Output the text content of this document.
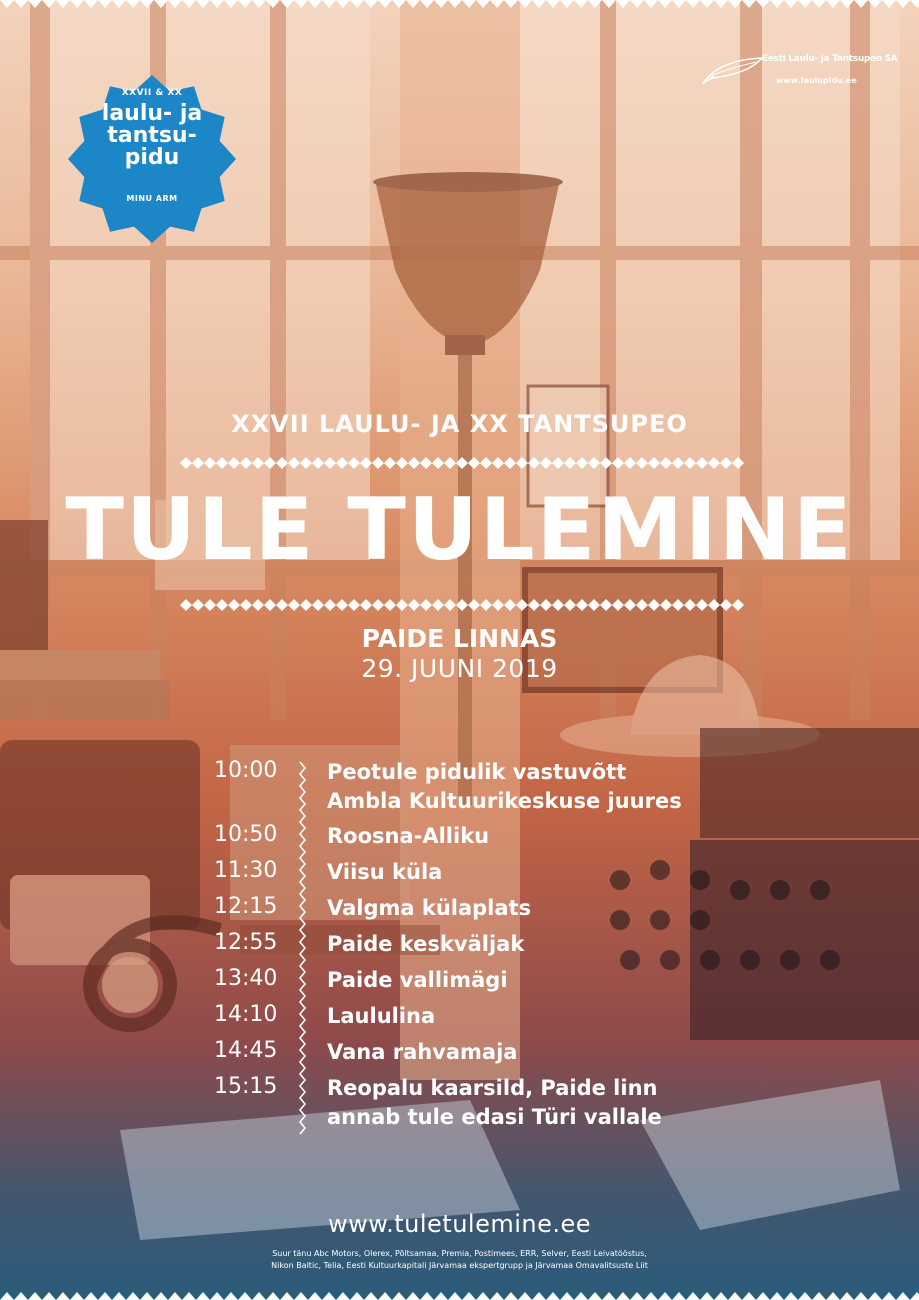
XXVII & XX
laulu- ja
tantsu-
pidu
MINU ARM
Eesti Laulu- ja Tantsupeo SA
www.laulupidu.ee
XXVII LAULU- JA XX TANTSUPEO
TULE TULEMINE
PAIDE LINNAS
29. JUUNI 2019
10:00 Peotule pidulik vastuvõtt
Ambla Kultuurikeskuse juures
10:50 Roosna-Alliku
11:30 Viisu küla
12:15 Valgma külaplats
12:55 Paide keskväljak
13:40 Paide vallimägi
14:10 Laululina
14:45 Vana rahvamaja
15:15 Reopalu kaarsild, Paide linn
annab tule edasi Türi vallale
www.tuletulemine.ee
Suur tänu Abc Motors, Olerex, Põltsamaa, Premia, Postimees, ERR, Selver, Eesti Leivatööstus,
Nikon Baltic, Telia, Eesti Kultuurkapitali Järvamaa ekspertgrupp ja Järvamaa Omavalitsuste Liit
